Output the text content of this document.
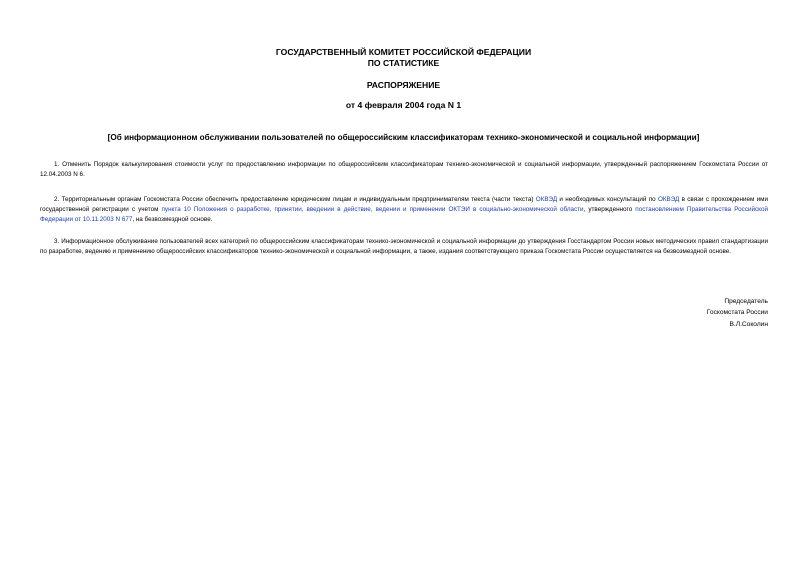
ГОСУДАРСТВЕННЫЙ КОМИТЕТ РОССИЙСКОЙ ФЕДЕРАЦИИ
ПО СТАТИСТИКЕ
РАСПОРЯЖЕНИЕ
от 4 февраля 2004 года N 1
[Об информационном обслуживании пользователей по общероссийским классификаторам технико-экономической и социальной информации]

1. Отменить Порядок калькулирования стоимости услуг по предоставлению информации по общероссийским классификаторам технико-экономической и социальной информации, утвержденный распоряжением Госкомстата России от 12.04.2003 N 6.

2. Территориальным органам Госкомстата России обеспечить предоставление юридическим лицам и индивидуальным предпринимателям текста (части текста) ОКВЭД и необходимых консультаций по ОКВЭД в связи с прохождением ими государственной регистрации с учетом пункта 10 Положения о разработке, принятии, введении в действие, ведении и применении ОКТЭИ в социально-экономической области, утвержденного постановлением Правительства Российской Федерации от 10.11.2003 N 677, на безвозмездной основе.

3. Информационное обслуживание пользователей всех категорий по общероссийским классификаторам технико-экономической и социальной информации до утверждения Госстандартом России новых методических правил стандартизации по разработке, ведению и применению общероссийских классификаторов технико-экономической и социальной информации, а также, издания соответствующего приказа Госкомстата России осуществляется на безвозмездной основе.

Председатель
Госкомстата России
В.Л.Соколин
